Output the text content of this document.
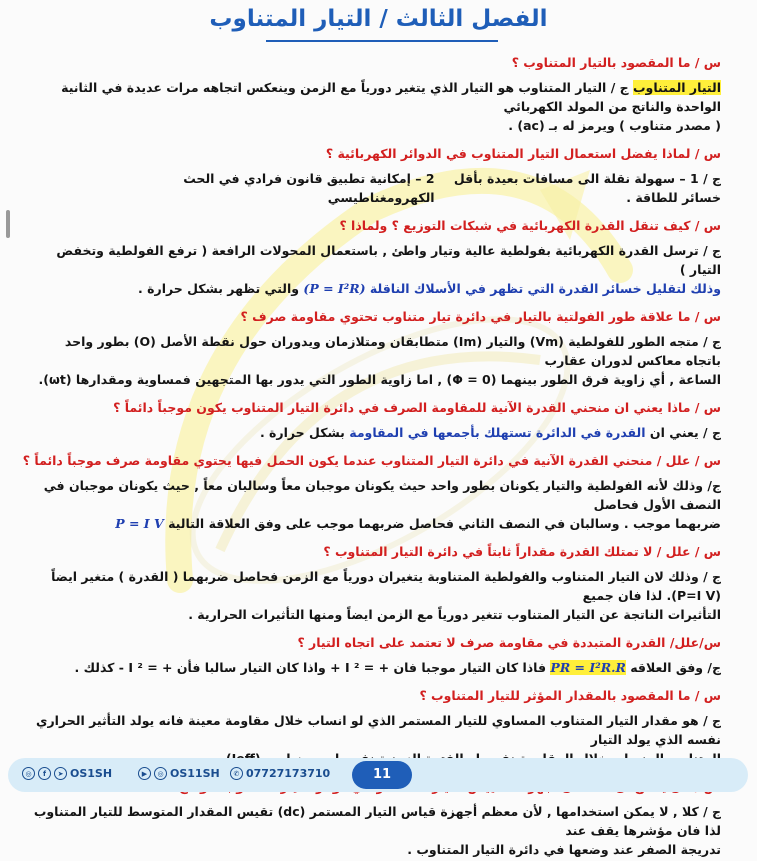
الفصل الثالث / التيار المتناوب
س / ما المقصود بالتيار المتناوب ؟
التيار المتناوب ج / التيار المتناوب هو التيار الذي يتغير دورياً مع الزمن وينعكس اتجاهه مرات عديدة في الثانية الواحدة والناتج من المولد الكهربائي
( مصدر متناوب ) ويرمز له بـ (ac) .
س / لماذا يفضل استعمال التيار المتناوب في الدوائر الكهربائية ؟
ج / 1 – سهولة نقلة الى مسافات بعيدة بأقل خسائر للطاقة .
2 – إمكانية تطبيق قانون فرادي في الحث الكهرومغناطيسي
س / كيف تنقل القدرة الكهربائية في شبكات التوزيع ؟ ولماذا ؟
ج / ترسل القدرة الكهربائية بفولطية عالية وتيار واطئ , باستعمال المحولات الرافعة ( ترفع الفولطية وتخفض التيار )
وذلك لتقليل خسائر القدرة التي تظهر في الأسلاك الناقلة (P = I²R) والتي تظهر بشكل حرارة .
س / ما علاقة طور الفولتية بالتيار في دائرة تيار متناوب تحتوي مقاومة صرف ؟
ج / متجه الطور للفولطية (Vm) والتيار (Im) متطابقان ومتلازمان ويدوران حول نقطة الأصل (O) بطور واحد باتجاه معاكس لدوران عقارب
الساعة , أي زاوية فرق الطور بينهما (Φ = 0) , اما زاوية الطور التي يدور بها المتجهين فمساوية ومقدارها (ωt).
س / ماذا يعني ان منحني القدرة الآنية للمقاومة الصرف في دائرة التيار المتناوب يكون موجباً دائماً ؟
ج / يعني ان القدرة في الدائرة تستهلك بأجمعها في المقاومة بشكل حرارة .
س / علل / منحني القدرة الآنية في دائرة التيار المتناوب عندما يكون الحمل فيها يحتوي مقاومة صرف موجباً دائماً ؟
ج/ وذلك لأنه الفولطية والتيار يكونان بطور واحد حيث يكونان موجبان معاً وسالبان معاً , حيث يكونان موجبان في النصف الأول فحاصل
ضربهما موجب . وسالبان في النصف الثاني فحاصل ضربهما موجب على وفق العلاقة التالية P = I V
س / علل / لا تمتلك القدرة مقداراً ثابتاً في دائرة التيار المتناوب ؟
ج / وذلك لان التيار المتناوب والفولطية المتناوبة يتغيران دورياً مع الزمن فحاصل ضربهما ( القدرة ) متغير ايضاً (P=I V). لذا فان جميع
التأثيرات الناتجة عن التيار المتناوب تتغير دورياً مع الزمن ايضاً ومنها التأثيرات الحرارية .
س/علل/ القدرة المتبددة في مقاومة صرف لا تعتمد على اتجاه التيار ؟
ج/ وفق العلاقه PR = I²R.R فاذا كان التيار موجبا فان + = ² I + واذا كان التيار سالبا فأن + = ² I - كذلك .
س / ما المقصود بالمقدار المؤثر للتيار المتناوب ؟
ج / هو مقدار التيار المتناوب المساوي للتيار المستمر الذي لو انساب خلال مقاومة معينة فانه يولد التأثير الحراري نفسه الذي يولد التيار
ج / كلا , لا يمكن استخدامها , لأن معظم أجهزة قياس التيار المستمر (dc) تقيس المقدار المتوسط للتيار المتناوب لذا فان مؤشرها يقف عند
تدريجة الصفر عند وضعها في دائرة التيار المتناوب .
◎	f	➤ OS1SH	▶	◎ OS11SH	✆ 07727173710	11
